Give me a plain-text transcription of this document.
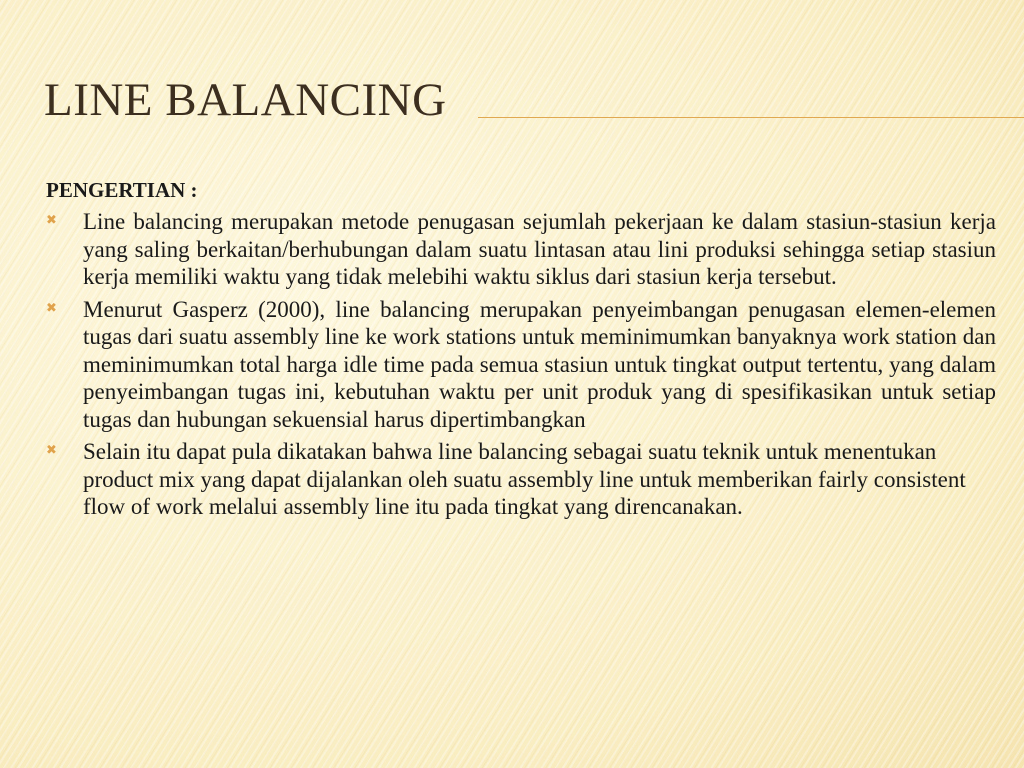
LINE BALANCING
PENGERTIAN :
✖ Line balancing merupakan metode penugasan sejumlah pekerjaan ke dalam stasiun-stasiun kerja yang saling berkaitan/berhubungan dalam suatu lintasan atau lini produksi sehingga setiap stasiun kerja memiliki waktu yang tidak melebihi waktu siklus dari stasiun kerja tersebut.
✖ Menurut Gasperz (2000), line balancing merupakan penyeimbangan penugasan elemen-elemen tugas dari suatu assembly line ke work stations untuk meminimumkan banyaknya work station dan meminimumkan total harga idle time pada semua stasiun untuk tingkat output tertentu, yang dalam penyeimbangan tugas ini, kebutuhan waktu per unit produk yang di spesifikasikan untuk setiap tugas dan hubungan sekuensial harus dipertimbangkan
✖ Selain itu dapat pula dikatakan bahwa line balancing sebagai suatu teknik untuk menentukan product mix yang dapat dijalankan oleh suatu assembly line untuk memberikan fairly consistent flow of work melalui assembly line itu pada tingkat yang direncanakan.
